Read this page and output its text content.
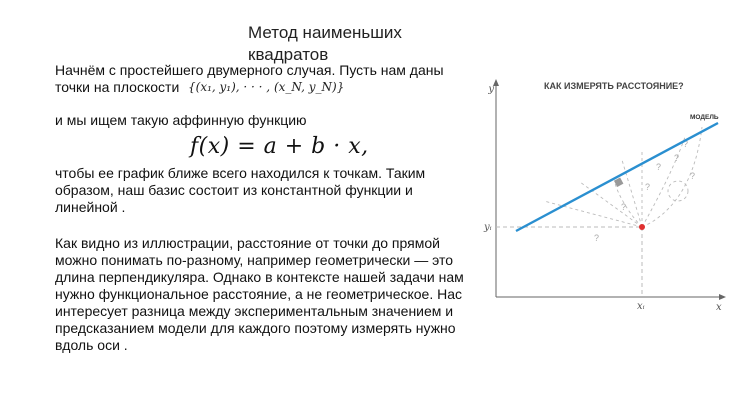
Метод наименьших квадратов

Начнём с простейшего двумерного случая. Пусть нам даны точки на плоскости {(x₁, y₁), · · · , (x_N, y_N)}

и мы ищем такую аффинную функцию

f(x) = a + b · x,

чтобы ее график ближе всего находился к точкам. Таким образом, наш базис состоит из константной функции и линейной .

Как видно из иллюстрации, расстояние от точки до прямой можно понимать по-разному, например геометрически — это длина перпендикуляра. Однако в контексте нашей задачи нам нужно функциональное расстояние, а не геометрическое. Нас интересует разница между экспериментальным значением и предсказанием модели для каждого поэтому измерять нужно вдоль оси .

y
x
КАК ИЗМЕРЯТЬ РАССТОЯНИЕ?
МОДЕЛЬ
yᵢ
xᵢ
?
?
?
?
?
?
?
